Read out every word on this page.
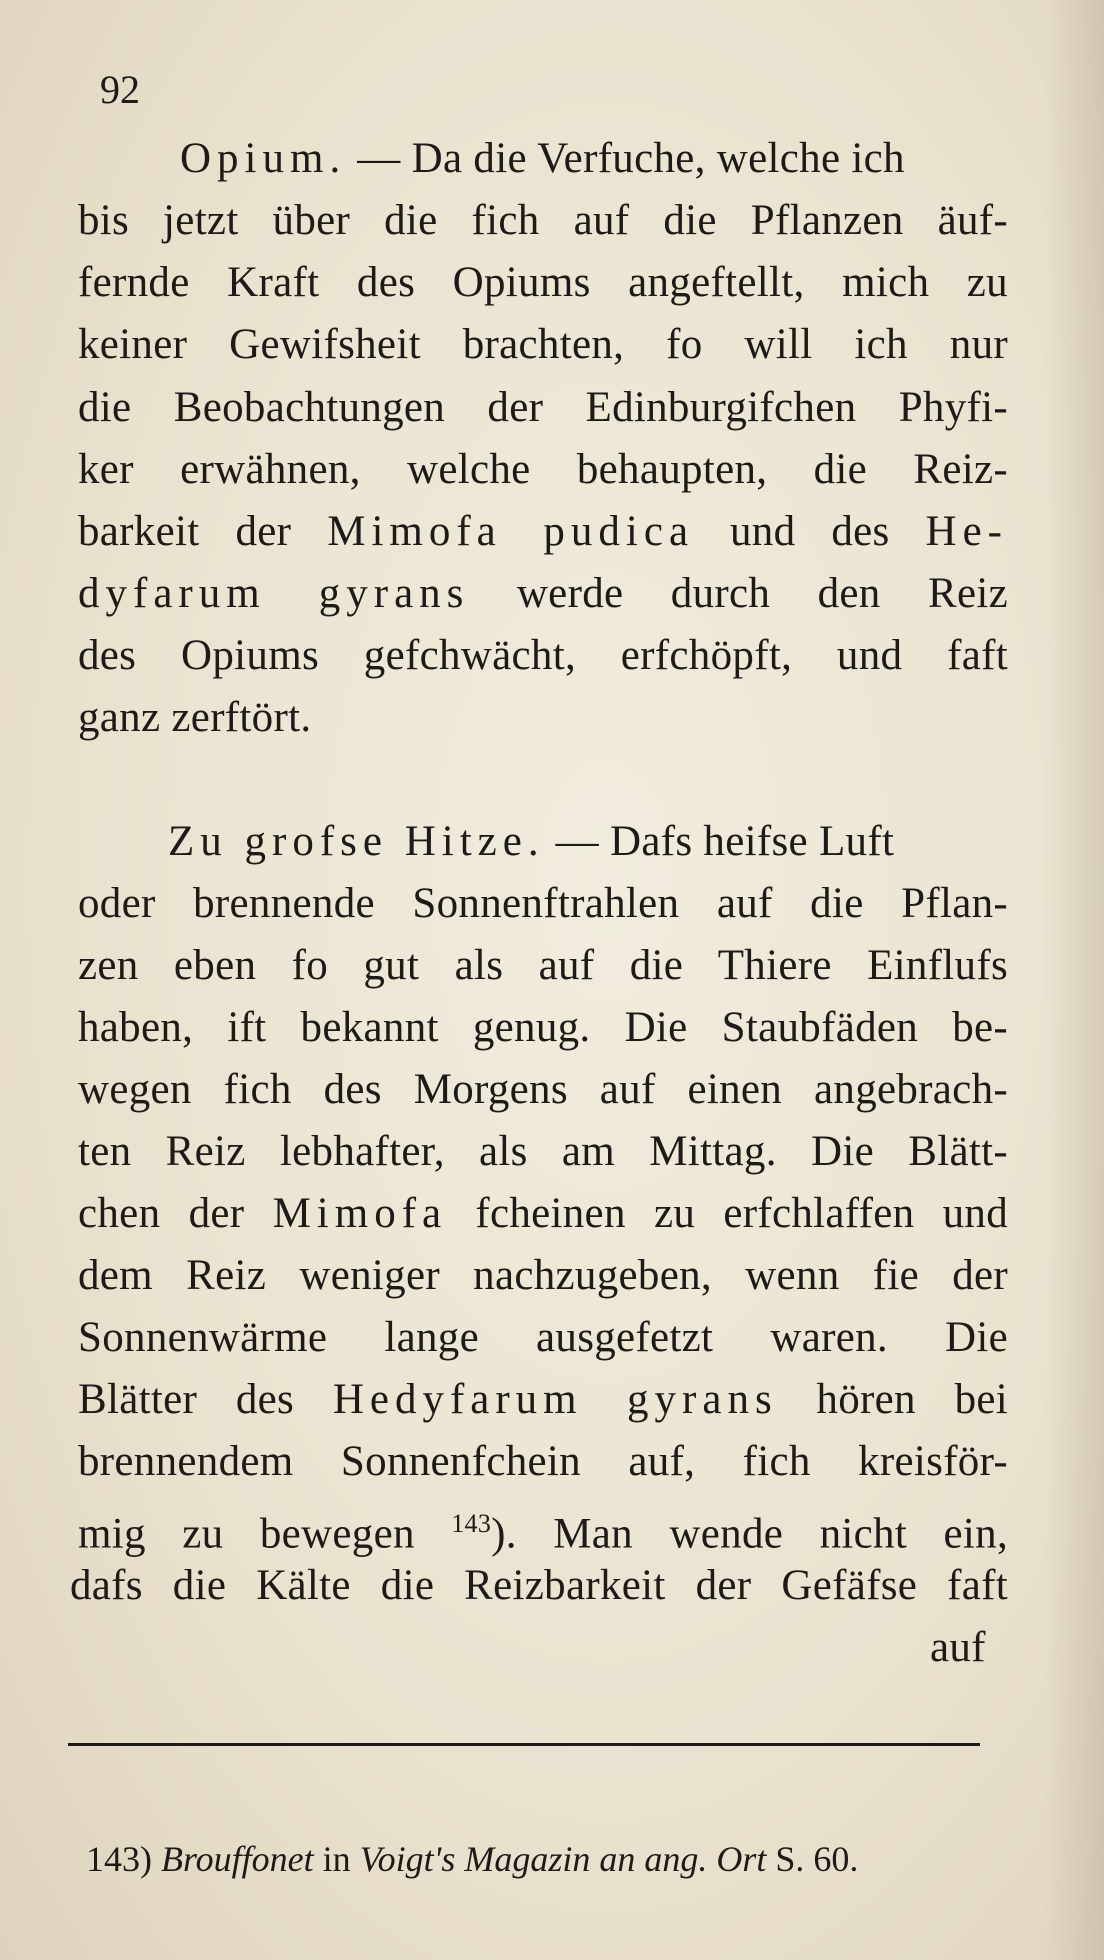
92
Opium. — Da die Verfuche, welche ich
bis jetzt über die fich auf die Pflanzen äuf-
fernde Kraft des Opiums angeftellt, mich zu
keiner Gewifsheit brachten, fo will ich nur
die Beobachtungen der Edinburgifchen Phyfi-
ker erwähnen, welche behaupten, die Reiz-
barkeit der Mimofa pudica und des He-
dyfarum gyrans werde durch den Reiz
des Opiums gefchwächt, erfchöpft, und faft
ganz zerftört.
Zu grofse Hitze. — Dafs heifse Luft
oder brennende Sonnenftrahlen auf die Pflan-
zen eben fo gut als auf die Thiere Einflufs
haben, ift bekannt genug. Die Staubfäden be-
wegen fich des Morgens auf einen angebrach-
ten Reiz lebhafter, als am Mittag. Die Blätt-
chen der Mimofa fcheinen zu erfchlaffen und
dem Reiz weniger nachzugeben, wenn fie der
Sonnenwärme lange ausgefetzt waren. Die
Blätter des Hedyfarum gyrans hören bei
brennendem Sonnenfchein auf, fich kreisför-
mig zu bewegen $^{143}$). Man wende nicht ein,
dafs die Kälte die Reizbarkeit der Gefäfse faft
auf
143) Brouffonet in Voigt's Magazin an ang. Ort S. 60.
